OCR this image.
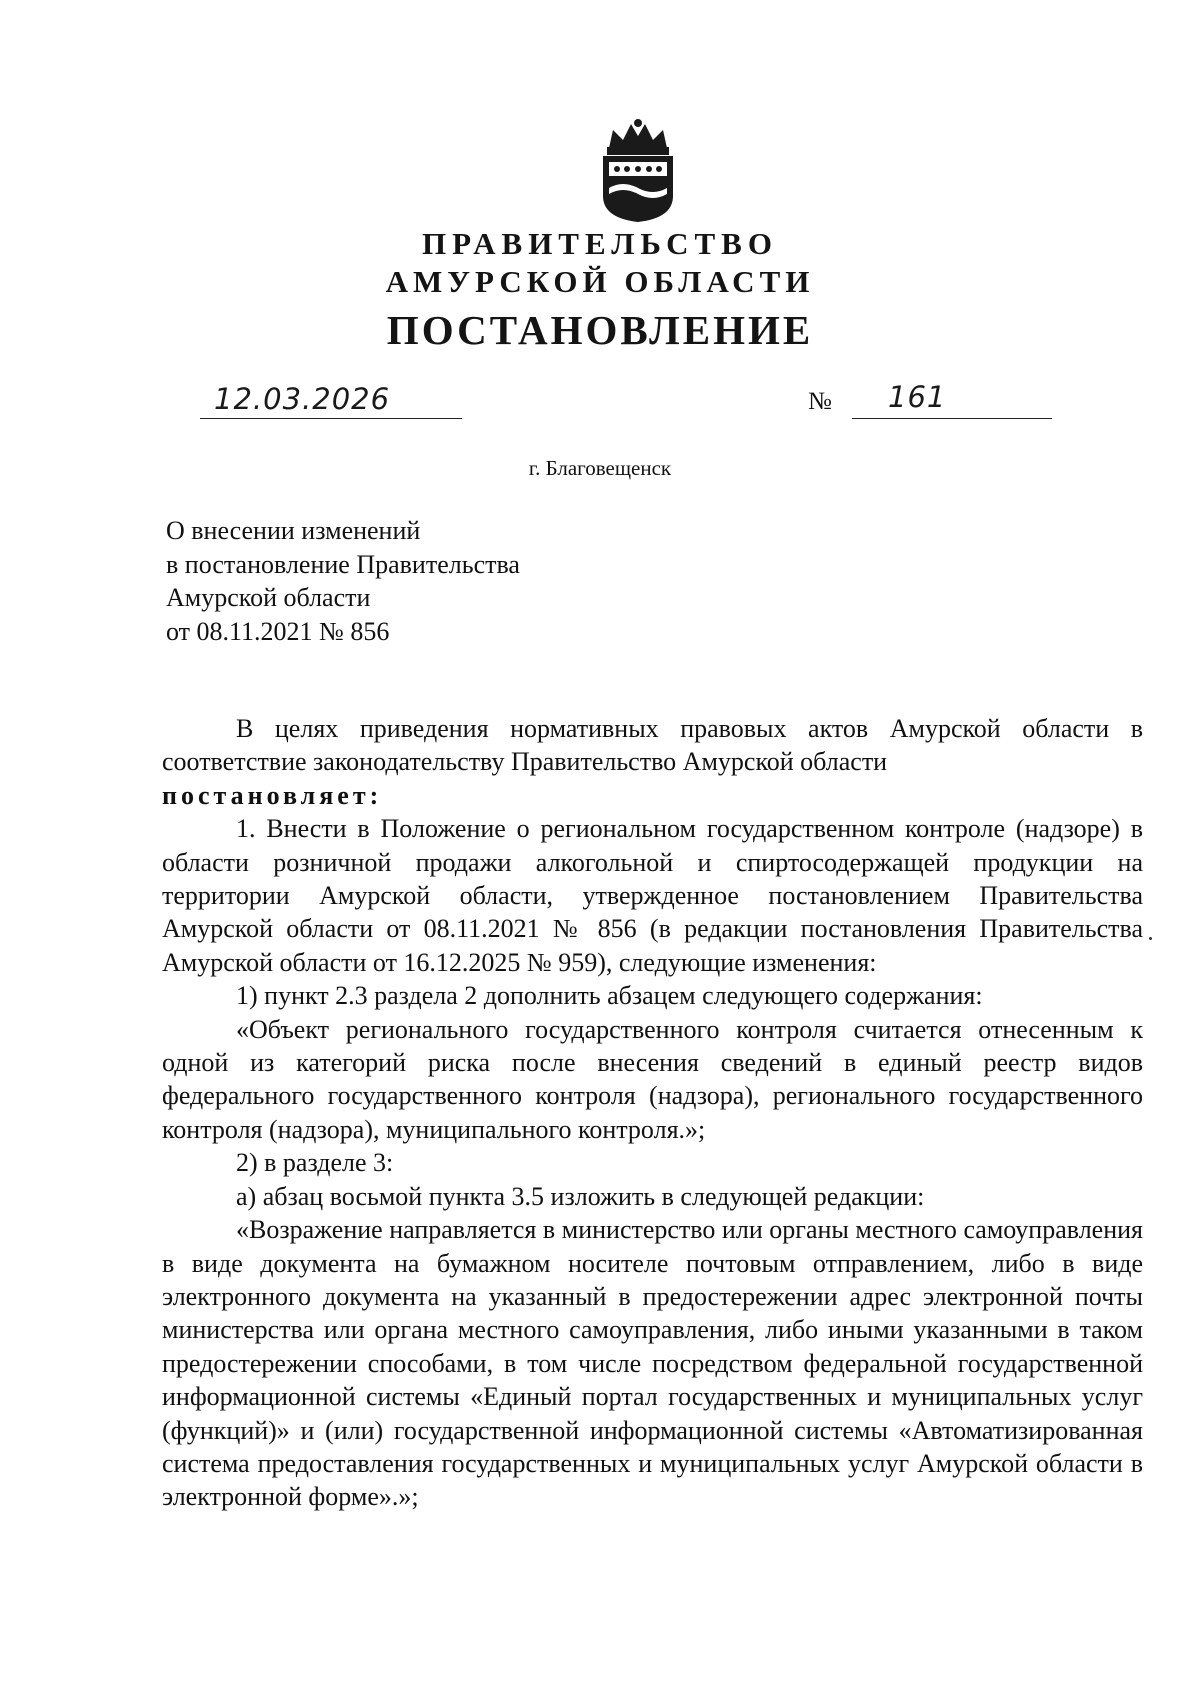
ПРАВИТЕЛЬСТВО
АМУРСКОЙ ОБЛАСТИ
ПОСТАНОВЛЕНИЕ
12.03.2026	№ 161
г. Благовещенск
О внесении изменений
в постановление Правительства
Амурской области
от 08.11.2021 № 856

В целях приведения нормативных правовых актов Амурской области в соответствие законодательству Правительство Амурской области

постановляет:

1. Внести в Положение о региональном государственном контроле (надзоре) в области розничной продажи алкогольной и спиртосодержащей продукции на территории Амурской области, утвержденное постановлением Правительства Амурской области от 08.11.2021 № 856 (в редакции постановления Правительства Амурской области от 16.12.2025 № 959), следующие изменения:

1) пункт 2.3 раздела 2 дополнить абзацем следующего содержания:

«Объект регионального государственного контроля считается отнесенным к одной из категорий риска после внесения сведений в единый реестр видов федерального государственного контроля (надзора), регионального государственного контроля (надзора), муниципального контроля.»;

2) в разделе 3:

а) абзац восьмой пункта 3.5 изложить в следующей редакции:

«Возражение направляется в министерство или органы местного самоуправления в виде документа на бумажном носителе почтовым отправлением, либо в виде электронного документа на указанный в предостережении адрес электронной почты министерства или органа местного самоуправления, либо иными указанными в таком предостережении способами, в том числе посредством федеральной государственной информационной системы «Единый портал государственных и муниципальных услуг (функций)» и (или) государственной информационной системы «Автоматизированная система предоставления государственных и муниципальных услуг Амурской области в электронной форме».»;
